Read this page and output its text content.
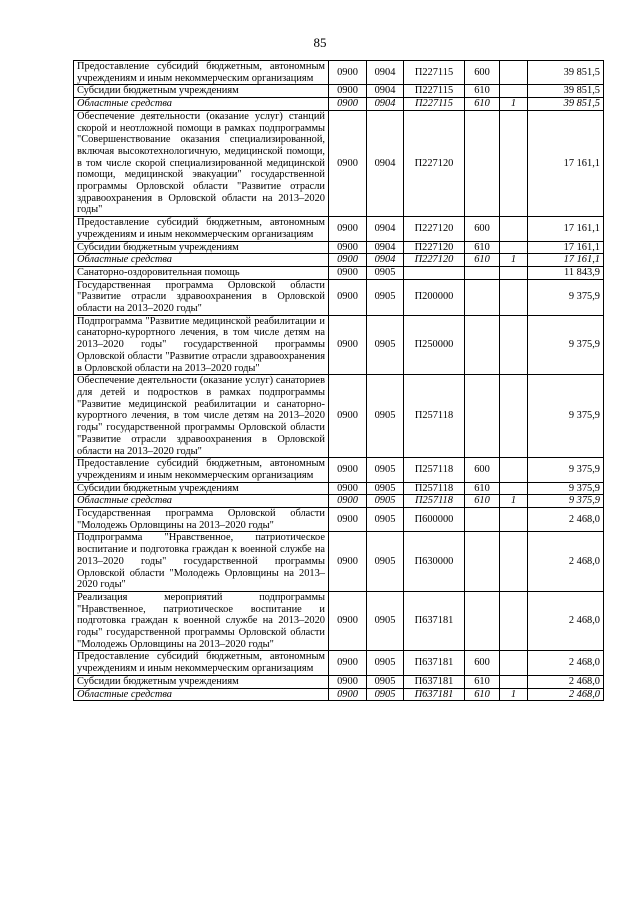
85
Предоставление субсидий бюджетным, автономным учреждениям и иным некоммерческим организациям	0900	0904	П227115	600		39 851,5
Субсидии бюджетным учреждениям	0900	0904	П227115	610		39 851,5
Областные средства	0900	0904	П227115	610	1	39 851,5
Обеспечение деятельности (оказание услуг) станций скорой и неотложной помощи в рамках подпрограммы "Совершенствование оказания специализированной, включая высокотехнологичную, медицинской помощи, в том числе скорой специализированной медицинской помощи, медицинской эвакуации" государственной программы Орловской области "Развитие отрасли здравоохранения в Орловской области на 2013–2020 годы"	0900	0904	П227120			17 161,1
Предоставление субсидий бюджетным, автономным учреждениям и иным некоммерческим организациям	0900	0904	П227120	600		17 161,1
Субсидии бюджетным учреждениям	0900	0904	П227120	610		17 161,1
Областные средства	0900	0904	П227120	610	1	17 161,1
Санаторно-оздоровительная помощь	0900	0905				11 843,9
Государственная программа Орловской области "Развитие отрасли здравоохранения в Орловской области на 2013–2020 годы"	0900	0905	П200000			9 375,9
Подпрограмма "Развитие медицинской реабилитации и санаторно-курортного лечения, в том числе детям на 2013–2020 годы" государственной программы Орловской области "Развитие отрасли здравоохранения в Орловской области на 2013–2020 годы"	0900	0905	П250000			9 375,9
Обеспечение деятельности (оказание услуг) санаториев для детей и подростков в рамках подпрограммы "Развитие медицинской реабилитации и санаторно-курортного лечения, в том числе детям на 2013–2020 годы" государственной программы Орловской области "Развитие отрасли здравоохранения в Орловской области на 2013–2020 годы"	0900	0905	П257118			9 375,9
Предоставление субсидий бюджетным, автономным учреждениям и иным некоммерческим организациям	0900	0905	П257118	600		9 375,9
Субсидии бюджетным учреждениям	0900	0905	П257118	610		9 375,9
Областные средства	0900	0905	П257118	610	1	9 375,9
Государственная программа Орловской области "Молодежь Орловщины на 2013–2020 годы"	0900	0905	П600000			2 468,0
Подпрограмма "Нравственное, патриотическое воспитание и подготовка граждан к военной службе на 2013–2020 годы" государственной программы Орловской области "Молодежь Орловщины на 2013–2020 годы"	0900	0905	П630000			2 468,0
Реализация мероприятий подпрограммы "Нравственное, патриотическое воспитание и подготовка граждан к военной службе на 2013–2020 годы" государственной программы Орловской области "Молодежь Орловщины на 2013–2020 годы"	0900	0905	П637181			2 468,0
Предоставление субсидий бюджетным, автономным учреждениям и иным некоммерческим организациям	0900	0905	П637181	600		2 468,0
Субсидии бюджетным учреждениям	0900	0905	П637181	610		2 468,0
Областные средства	0900	0905	П637181	610	1	2 468,0
